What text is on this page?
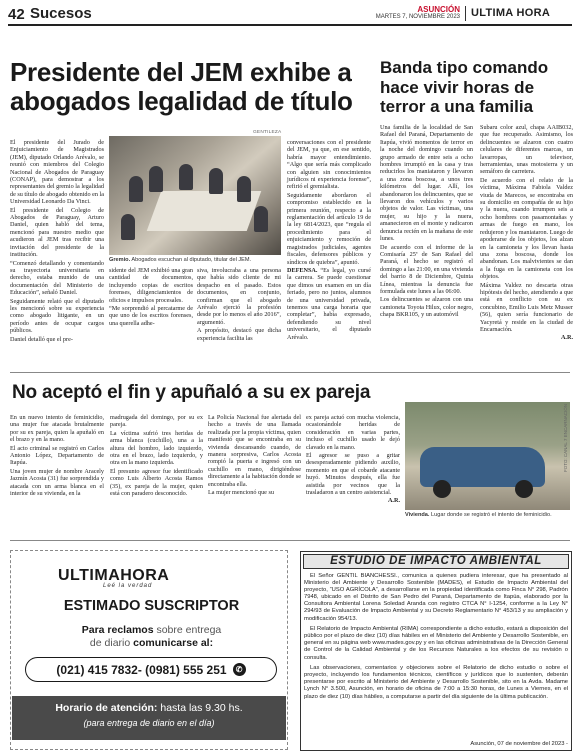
42 Sucesos	ASUNCIÓN
MARTES 7, NOVIEMBRE 2023 ULTIMA HORA
Presidente del JEM exhibe a abogados legalidad de título

El presidente del Jurado de Enjuiciamiento de Magistrados (JEM), diputado Orlando Arévalo, se reunió con miembros del Colegio Nacional de Abogados de Paraguay (CONAP), para demostrar a los representantes del gremio la legalidad de su título de abogado obtenido en la Universidad Leonardo Da Vinci.

El presidente del Colegio de Abogados de Paraguay, Arturo Daniel, quien habló del tema, mencionó para nuestro medio que acudieron al JEM tras recibir una invitación del presidente de la institución.

“Comenzó detallando y comentando su trayectoria universitaria en derecho, estaba munido de una documentación del Ministerio de Educación”, señaló Daniel.

Seguidamente relató que el diputado les mencionó sobre su experiencia como abogado litigante, en un período antes de ocupar cargos públicos.

Daniel detalló que el pre-

GENTILEZA
Gremio. Abogados escuchan al diputado, titular del JEM.

sidente del JEM exhibió una gran cantidad de documentos, incluyendo copias de escritos forenses, diligenciamientos de oficios e impulsos procesales.

“Me sorprendió al percatarme de que uno de los escritos forenses, una querella adhe-

siva, involucraba a una persona que había sido cliente de mi despacho en el pasado. Estos documentos, en conjunto, confirman que el abogado Arévalo ejerció la profesión desde por lo menos el año 2016”, argumentó.

A propósito, destacó que dicha experiencia facilita las

conversaciones con el presidente del JEM, ya que, en ese sentido, habría mayor entendimiento. “Algo que sería más complicado con alguien sin conocimientos jurídicos ni experiencia forense”, refirió el gremialista.

Seguidamente abordaron el compromiso establecido en la primera reunión, respecto a la reglamentación del artículo 19 de la ley 6814/2023, que “regula el procedimiento para el enjuiciamiento y remoción de magistrados judiciales, agentes fiscales, defensores públicos y síndicos de quiebra”, apuntó.

DEFENSA. “Es legal, yo cursé la carrera. Se puede cuestionar que dimos un examen en un día feriado, pero no juntos, alumnos de una universidad privada, tenemos una carga horaria que completar”, había expresado, defendiendo su nivel universitario, el diputado Arévalo.

Banda tipo comando hace vivir horas de terror a una familia

Una familia de la localidad de San Rafael del Paraná, Departamento de Itapúa, vivió momentos de terror en la noche del domingo cuando un grupo armado de entre seis a ocho hombres irrumpió en la casa y tras reducirlos los maniataron y llevaron a una zona boscosa, a unos tres kilómetros del lugar. Allí, los abandonaron los delincuentes, que se llevaron dos vehículos y varios objetos de valor. Las víctimas, una mujer, su hijo y la nuera, amanecieron en el monte y radicaron denuncia recién en la mañana de este lunes.

De acuerdo con el informe de la Comisaría 25ª de San Rafael del Paraná, el hecho se registró el domingo a las 21:00, en una vivienda del barrio 8 de Diciembre, Quinta Línea, mientras la denuncia fue formulada este lunes a las 06:00.

Los delincuentes se alzaron con una camioneta Toyota Hilux, color negro, chapa BKR105, y un automóvil

Subaru color azul, chapa AAIB032, que fue recuperado. Asimismo, los delincuentes se alzaron con cuatro celulares de diferentes marcas, un lavarropas, un televisor, herramientas, unas motosierra y un semáforo de carretera.

De acuerdo con el relato de la víctima, Máxima Fabiola Valdez viuda de Marecos, se encontraba en su domicilio en compañía de su hijo y la nuera, cuando irrumpen seis a ocho hombres con pasamontañas y armas de fuego en mano, los redujeron y los maniataron. Luego de apoderarse de los objetos, los alzan en la camioneta y los llevan hasta una zona boscosa, donde los abandonan. Los malvivientes se dan a la fuga en la camioneta con los objetos.

Máxima Valdez no descarta otras hipótesis del hecho, atendiendo a que está en conflicto con su ex concubino, Emilio Luis Metz Musser (56), quien sería funcionario de Yacyretá y reside en la ciudad de Encarnación.

A.R.

No aceptó el fin y apuñaló a su ex pareja

En un nuevo intento de feminicidio, una mujer fue atacada brutalmente por su ex pareja, quien la apuñaló en el brazo y en la mano.

El acto criminal se registró en Carlos Antonio López, Departamento de Itapúa.

Una joven mujer de nombre Aracely Jazmín Acosta (31) fue sorprendida y atacada con un arma blanca en el interior de su vivienda, en la

madrugada del domingo, por su ex pareja.

La víctima sufrió tres heridas de arma blanca (cuchillo), una a la altura del hombro, lado izquierdo, otra en el brazo, lado izquierdo, y otra en la mano izquierda.

El presunto agresor fue identificado como Luis Alberto Acosta Ramos (35), ex pareja de la mujer, quien está con paradero desconocido.

La Policía Nacional fue alertada del hecho a través de una llamada realizada por la propia víctima, quien manifestó que se encontraba en su vivienda descansando cuando, de manera sorpresiva, Carlos Acosta rompió la puerta e ingresó con un cuchillo en mano, dirigiéndose directamente a la habitación donde se encontraba ella.

La mujer mencionó que su

ex pareja actuó con mucha violencia, ocasionándole heridas de consideración en varias partes, incluso el cuchillo usado le dejó clavado en la mano.

El agresor se puso a gritar desesperadamente pidiendo auxilio, momento en que el cobarde atacante huyó. Minutos después, ella fue asistida por vecinos que la trasladaron a un centro asistencial.

A.R.

FOTO: CANAL 7 ENCARNACIÓN
Vivienda. Lugar donde se registró el intento de feminicidio.
ULTIMAHORA
Leé la verdad
ESTIMADO SUSCRIPTOR
Para reclamos sobre entrega
de diario comunicarse al:
(021) 415 7832- (0981) 555 251	✆
Horario de atención: hasta las 9.30 hs.
(para entrega de diario en el día)
ESTUDIO DE IMPACTO AMBIENTAL

El Señor GENTIL BIANCHESSI., comunica a quienes pudiera interesar, que ha presentado al Ministerio del Ambiente y Desarrollo Sostenible (MADES), el Estudio de Impacto Ambiental del proyecto, “USO AGRÍCOLA”, a desarrollarse en la propiedad identificada como Finca N° 298, Padrón 7948, ubicado en el Distrito de San Pedro del Paraná, Departamento de Itapúa, elaborado por la Consultora Ambiental Lorena Soledad Aranda con registro CTCA N° I-1254, conforme a la Ley N° 294/93 de Evaluación de Impacto Ambiental y su Decreto Reglamentario N° 453/13 y su ampliación y modificación 954/13.

El Relatorio de Impacto Ambiental (RIMA) correspondiente a dicho estudio, estará a disposición del público por el plazo de diez (10) días hábiles en el Ministerio del Ambiente y Desarrollo Sostenible, en general en su página web www.mades.gov.py y en las oficinas administrativas de la Dirección General de Control de la Calidad Ambiental y de los Recursos Naturales a los efectos de su revisión o consulta.

Las observaciones, comentarios y objeciones sobre el Relatorio de dicho estudio o sobre el proyecto, incluyendo los fundamentos técnicos, científicos y jurídicos que lo sustenten, deberán presentarse por escrito al Ministerio del Ambiente y Desarrollo Sostenible, sito en la Avda. Madame Lynch N° 3.500, Asunción, en horario de oficina de 7:00 a 15:30 horas, de Lunes a Viernes, en el plazo de diez (10) días hábiles, a computarse a partir del día siguiente de la última publicación.

Asunción, 07 de noviembre del 2023 -
